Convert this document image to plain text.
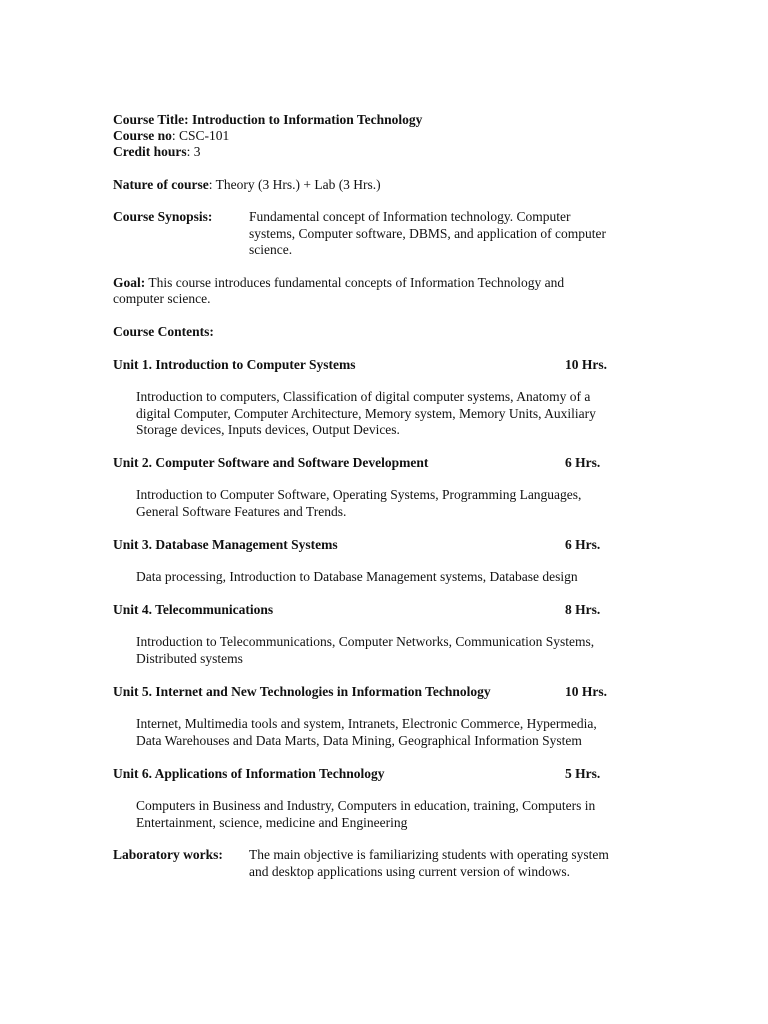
Course Title: Introduction to Information Technology
Course no: CSC-101
Credit hours: 3
Nature of course: Theory (3 Hrs.) + Lab (3 Hrs.)
Course Synopsis:	Fundamental concept of Information technology. Computer
systems, Computer software, DBMS, and application of computer
science.
Goal: This course introduces fundamental concepts of Information Technology and
computer science.
Course Contents:
Unit 1. Introduction to Computer Systems	10 Hrs.
Introduction to computers, Classification of digital computer systems, Anatomy of a
digital Computer, Computer Architecture, Memory system, Memory Units, Auxiliary
Storage devices, Inputs devices, Output Devices.
Unit 2. Computer Software and Software Development	6 Hrs.
Introduction to Computer Software, Operating Systems, Programming Languages,
General Software Features and Trends.
Unit 3. Database Management Systems	6 Hrs.
Data processing, Introduction to Database Management systems, Database design
Unit 4. Telecommunications	8 Hrs.
Introduction to Telecommunications, Computer Networks, Communication Systems,
Distributed systems
Unit 5. Internet and New Technologies in Information Technology	10 Hrs.
Internet, Multimedia tools and system, Intranets, Electronic Commerce, Hypermedia,
Data Warehouses and Data Marts, Data Mining, Geographical Information System
Unit 6. Applications of Information Technology	5 Hrs.
Computers in Business and Industry, Computers in education, training, Computers in
Entertainment, science, medicine and Engineering
Laboratory works: The main objective is familiarizing students with operating system
and desktop applications using current version of windows.
